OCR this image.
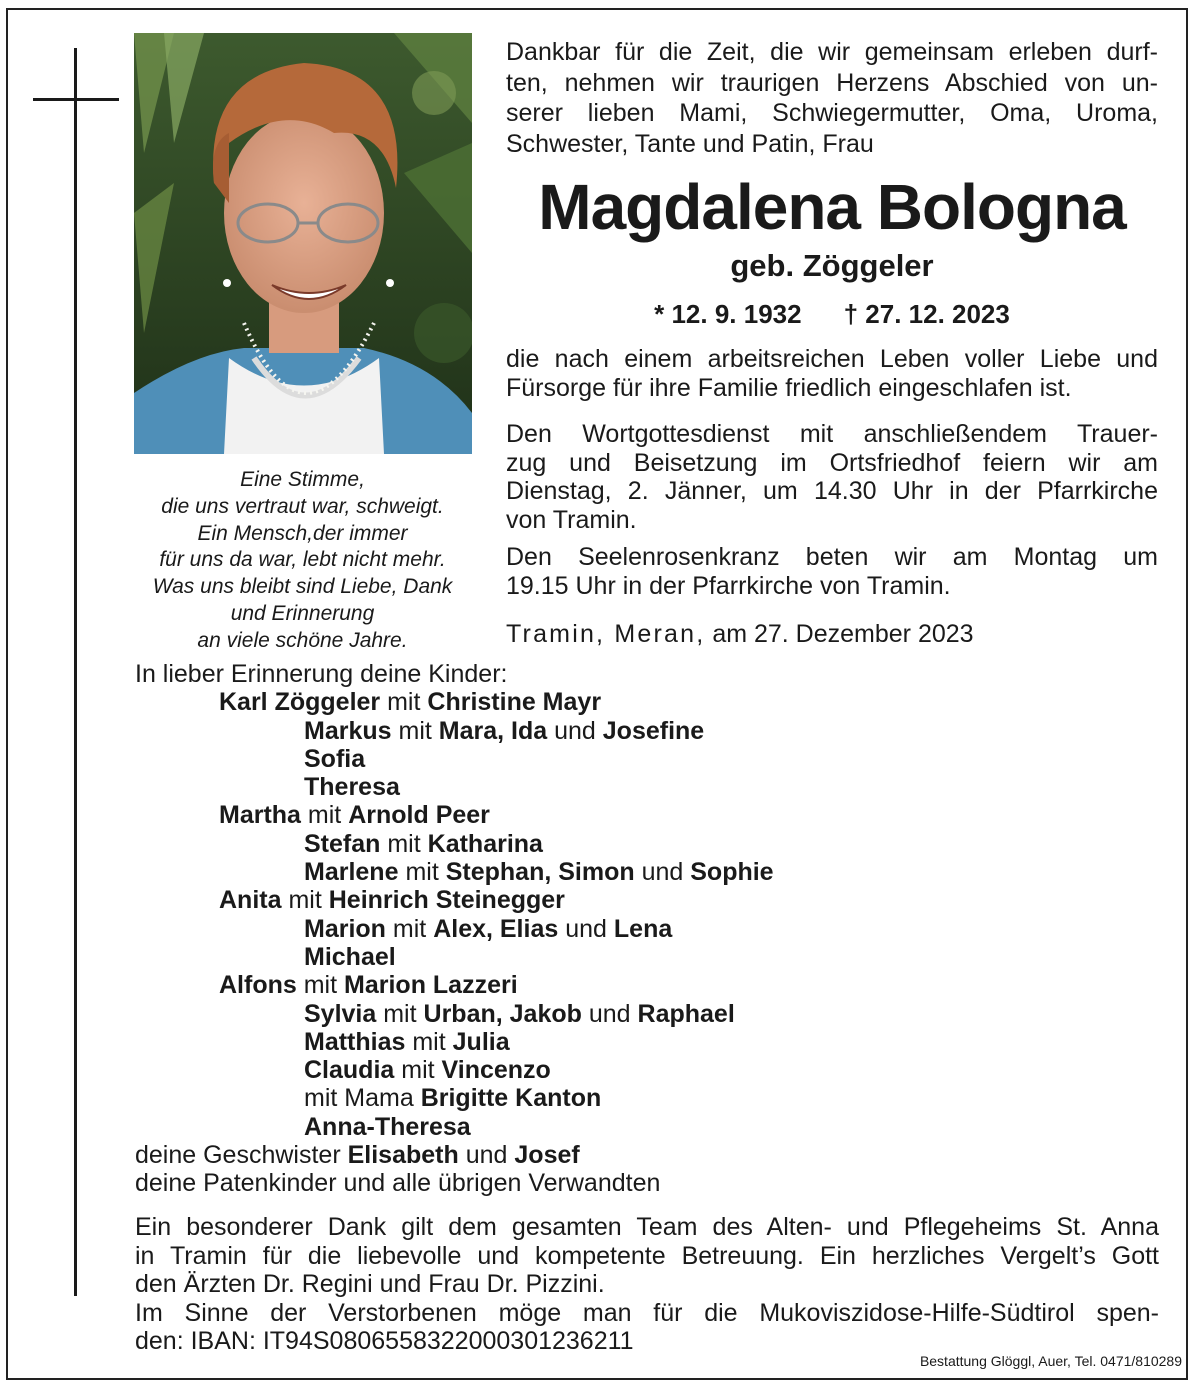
Eine Stimme,
die uns vertraut war, schweigt.
Ein Mensch,der immer
für uns da war, lebt nicht mehr.
Was uns bleibt sind Liebe, Dank
und Erinnerung
an viele schöne Jahre.
Dankbar für die Zeit, die wir gemeinsam erleben durf-
ten, nehmen wir traurigen Herzens Abschied von un-
serer lieben Mami, Schwiegermutter, Oma, Uroma,
Schwester, Tante und Patin, Frau
Magdalena Bologna
geb. Zöggeler
* 12. 9. 1932 † 27. 12. 2023
die nach einem arbeitsreichen Leben voller Liebe und
Fürsorge für ihre Familie friedlich eingeschlafen ist.
Den Wortgottesdienst mit anschließendem Trauer-
zug und Beisetzung im Ortsfriedhof feiern wir am
Dienstag, 2. Jänner, um 14.30 Uhr in der Pfarrkirche
von Tramin.
Den Seelenrosenkranz beten wir am Montag um
19.15 Uhr in der Pfarrkirche von Tramin.
Tramin, Meran, am 27. Dezember 2023
In lieber Erinnerung deine Kinder:
Karl Zöggeler mit Christine Mayr
Markus mit Mara, Ida und Josefine
Sofia
Theresa
Martha mit Arnold Peer
Stefan mit Katharina
Marlene mit Stephan, Simon und Sophie
Anita mit Heinrich Steinegger
Marion mit Alex, Elias und Lena
Michael
Alfons mit Marion Lazzeri
Sylvia mit Urban, Jakob und Raphael
Matthias mit Julia
Claudia mit Vincenzo
mit Mama Brigitte Kanton
Anna-Theresa
deine Geschwister Elisabeth und Josef
deine Patenkinder und alle übrigen Verwandten
Ein besonderer Dank gilt dem gesamten Team des Alten- und Pflegeheims St. Anna
in Tramin für die liebevolle und kompetente Betreuung. Ein herzliches Vergelt’s Gott
den Ärzten Dr. Regini und Frau Dr. Pizzini.
Im Sinne der Verstorbenen möge man für die Mukoviszidose-Hilfe-Südtirol spen-
den: IBAN: IT94S0806558322000301236211
Bestattung Glöggl, Auer, Tel. 0471/810289
